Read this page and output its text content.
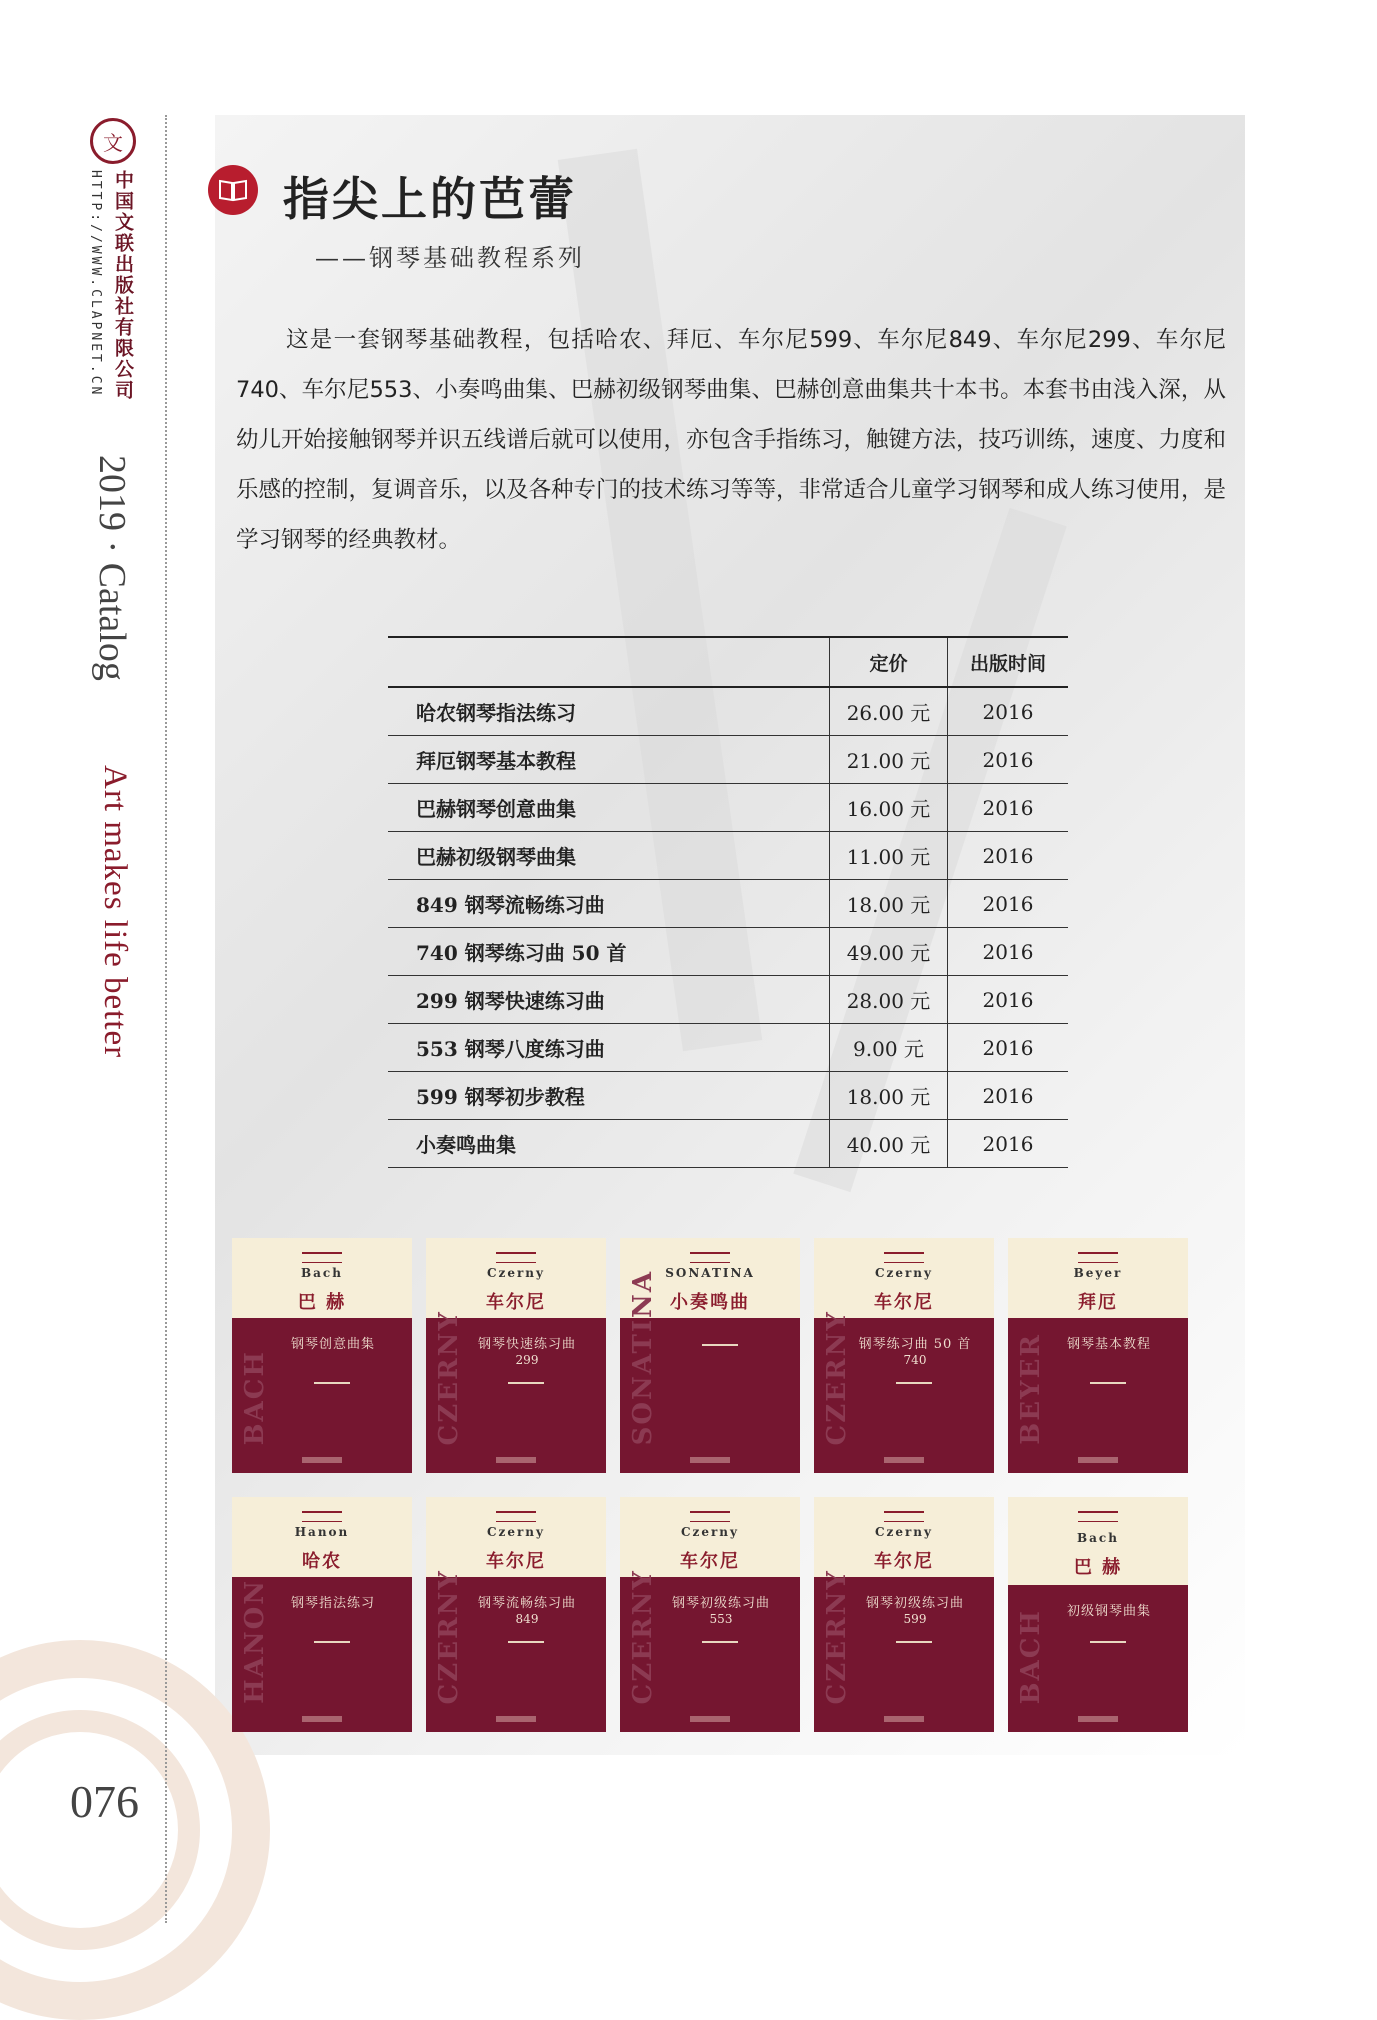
文
中国文联出版社有限公司
HTTP://WWW.CLAPNET.CN
2019 · Catalog
Art makes life better
076
指尖上的芭蕾
——钢琴基础教程系列

这是一套钢琴基础教程，包括哈农、拜厄、车尔尼599、车尔尼849、车尔尼299、车尔尼740、车尔尼553、小奏鸣曲集、巴赫初级钢琴曲集、巴赫创意曲集共十本书。本套书由浅入深，从幼儿开始接触钢琴并识五线谱后就可以使用，亦包含手指练习，触键方法，技巧训练，速度、力度和乐感的控制，复调音乐，以及各种专门的技术练习等等，非常适合儿童学习钢琴和成人练习使用，是学习钢琴的经典教材。

	定价	出版时间
哈农钢琴指法练习	26.00 元	2016
拜厄钢琴基本教程	21.00 元	2016
巴赫钢琴创意曲集	16.00 元	2016
巴赫初级钢琴曲集	11.00 元	2016
849 钢琴流畅练习曲	18.00 元	2016
740 钢琴练习曲 50 首	49.00 元	2016
299 钢琴快速练习曲	28.00 元	2016
553 钢琴八度练习曲	9.00 元	2016
599 钢琴初步教程	18.00 元	2016
小奏鸣曲集	40.00 元	2016
Bach
巴 赫
钢琴创意曲集
BACH
Czerny
车尔尼
钢琴快速练习曲
299
CZERNY
SONATINA
小奏鸣曲
SONATINA	Czerny
车尔尼
钢琴练习曲 50 首
740
CZERNY
Beyer
拜厄
钢琴基本教程
BEYER
Hanon
哈农
钢琴指法练习
HANON
Czerny
车尔尼
钢琴流畅练习曲
849
CZERNY
Czerny
车尔尼
钢琴初级练习曲
553
CZERNY
Czerny
车尔尼
钢琴初级练习曲
599
CZERNY
Bach
巴 赫
初级钢琴曲集
BACH
